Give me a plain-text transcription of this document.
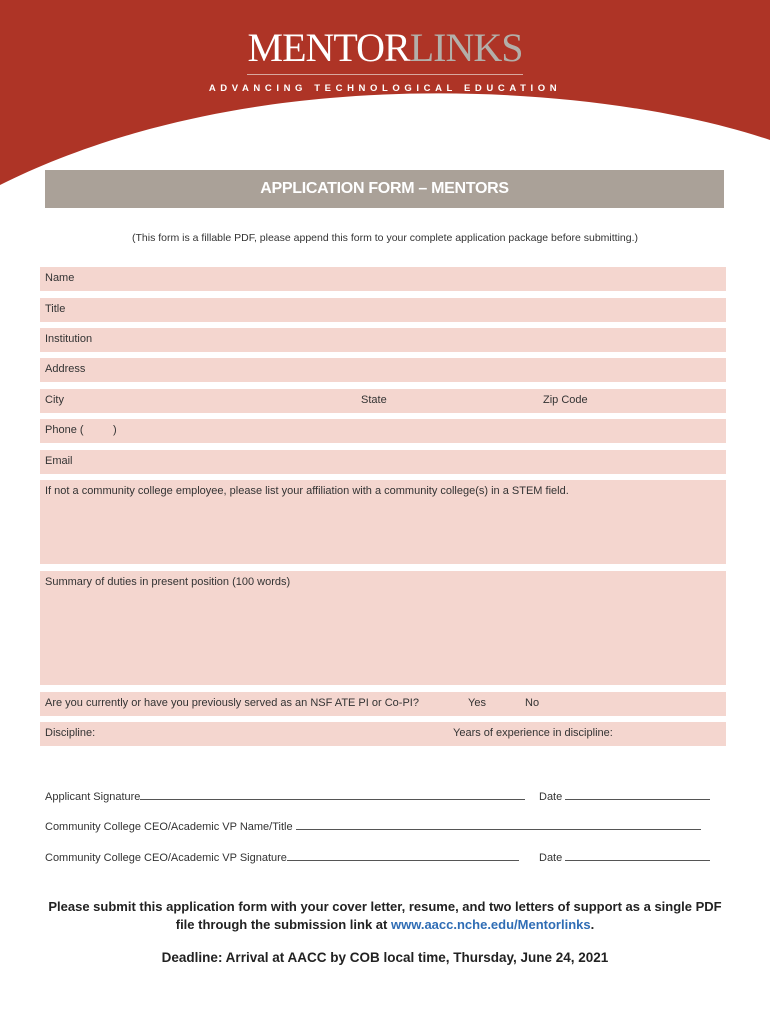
MENTORLINKS
ADVANCING TECHNOLOGICAL EDUCATION
APPLICATION FORM – MENTORS
(This form is a fillable PDF, please append this form to your complete application package before submitting.)
Name
Title
Institution
Address
City	State	Zip Code
Phone (	)
Email
If not a community college employee, please list your affiliation with a community college(s) in a STEM field.
Summary of duties in present position (100 words)
Are you currently or have you previously served as an NSF ATE PI or Co-PI?	Yes	No
Discipline:	Years of experience in discipline:
Applicant Signature	Date
Community College CEO/Academic VP Name/Title
Community College CEO/Academic VP Signature	Date
Please submit this application form with your cover letter, resume, and two letters of support as a single PDF file through the submission link at www.aacc.nche.edu/Mentorlinks.
Deadline: Arrival at AACC by COB local time, Thursday, June 24, 2021
